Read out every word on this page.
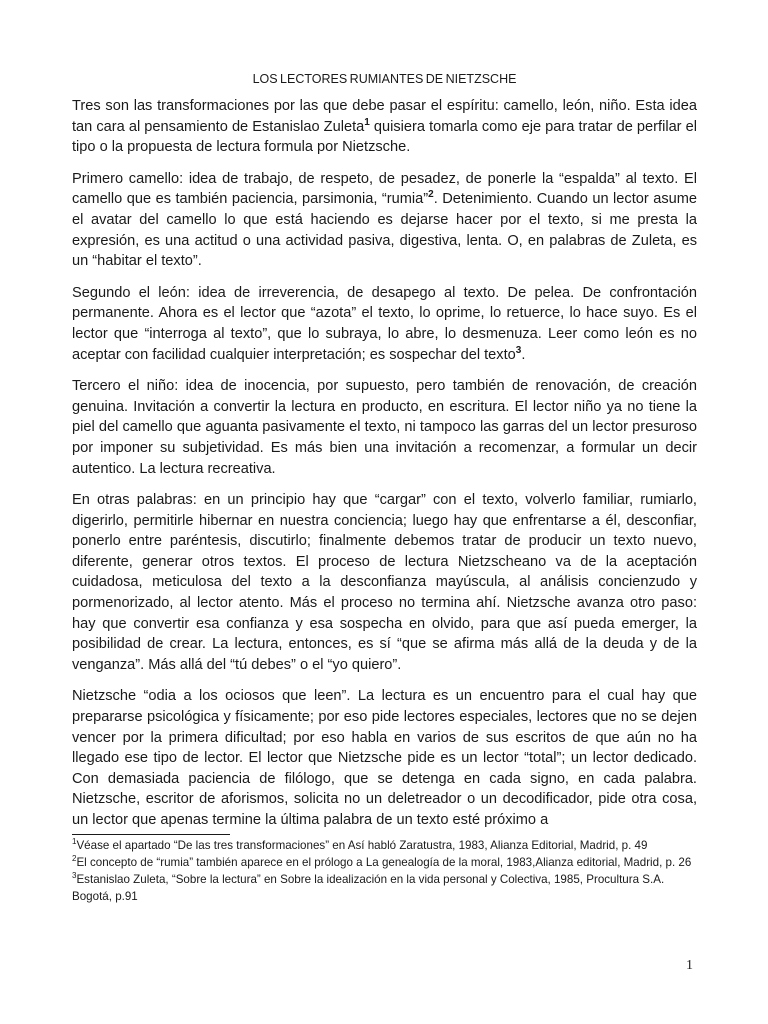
LOS LECTORES RUMIANTES DE NIETZSCHE

Tres son las transformaciones por las que debe pasar el espíritu: camello, león, niño. Esta idea tan cara al pensamiento de Estanislao Zuleta$^1$ quisiera tomarla como eje para tratar de perfilar el tipo o la propuesta de lectura formula por Nietzsche.

Primero camello: idea de trabajo, de respeto, de pesadez, de ponerle la “espalda” al texto. El camello que es también paciencia, parsimonia, “rumia”$^2$. Detenimiento. Cuando un lector asume el avatar del camello lo que está haciendo es dejarse hacer por el texto, si me presta la expresión, es una actitud o una actividad pasiva, digestiva, lenta. O, en palabras de Zuleta, es un “habitar el texto”.

Segundo el león: idea de irreverencia, de desapego al texto. De pelea. De confrontación permanente. Ahora es el lector que “azota” el texto, lo oprime, lo retuerce, lo hace suyo. Es el lector que “interroga al texto”, que lo subraya, lo abre, lo desmenuza. Leer como león es no aceptar con facilidad cualquier interpretación; es sospechar del texto$^3$.

Tercero el niño: idea de inocencia, por supuesto, pero también de renovación, de creación genuina. Invitación a convertir la lectura en producto, en escritura. El lector niño ya no tiene la piel del camello que aguanta pasivamente el texto, ni tampoco las garras del un lector presuroso por imponer su subjetividad. Es más bien una invitación a recomenzar, a formular un decir autentico. La lectura recreativa.

En otras palabras: en un principio hay que “cargar” con el texto, volverlo familiar, rumiarlo, digerirlo, permitirle hibernar en nuestra conciencia; luego hay que enfrentarse a él, desconfiar, ponerlo entre paréntesis, discutirlo; finalmente debemos tratar de producir un texto nuevo, diferente, generar otros textos. El proceso de lectura Nietzscheano va de la aceptación cuidadosa, meticulosa del texto a la desconfianza mayúscula, al análisis concienzudo y pormenorizado, al lector atento. Más el proceso no termina ahí. Nietzsche avanza otro paso: hay que convertir esa confianza y esa sospecha en olvido, para que así pueda emerger, la posibilidad de crear. La lectura, entonces, es sí “que se afirma más allá de la deuda y de la venganza”. Más allá del “tú debes” o el “yo quiero”.

Nietzsche “odia a los ociosos que leen”. La lectura es un encuentro para el cual hay que prepararse psicológica y físicamente; por eso pide lectores especiales, lectores que no se dejen vencer por la primera dificultad; por eso habla en varios de sus escritos de que aún no ha llegado ese tipo de lector. El lector que Nietzsche pide es un lector “total”; un lector dedicado. Con demasiada paciencia de filólogo, que se detenga en cada signo, en cada palabra. Nietzsche, escritor de aforismos, solicita no un deletreador o un decodificador, pide otra cosa, un lector que apenas termine la última palabra de un texto esté próximo a

$^1$Véase el apartado “De las tres transformaciones” en Así habló Zaratustra, 1983, Alianza Editorial, Madrid, p. 49

$^2$El concepto de “rumia” también aparece en el prólogo a La genealogía de la moral, 1983,Alianza editorial, Madrid, p. 26

$^3$Estanislao Zuleta, “Sobre la lectura” en Sobre la idealización en la vida personal y Colectiva, 1985, Procultura S.A. Bogotá, p.91

1
